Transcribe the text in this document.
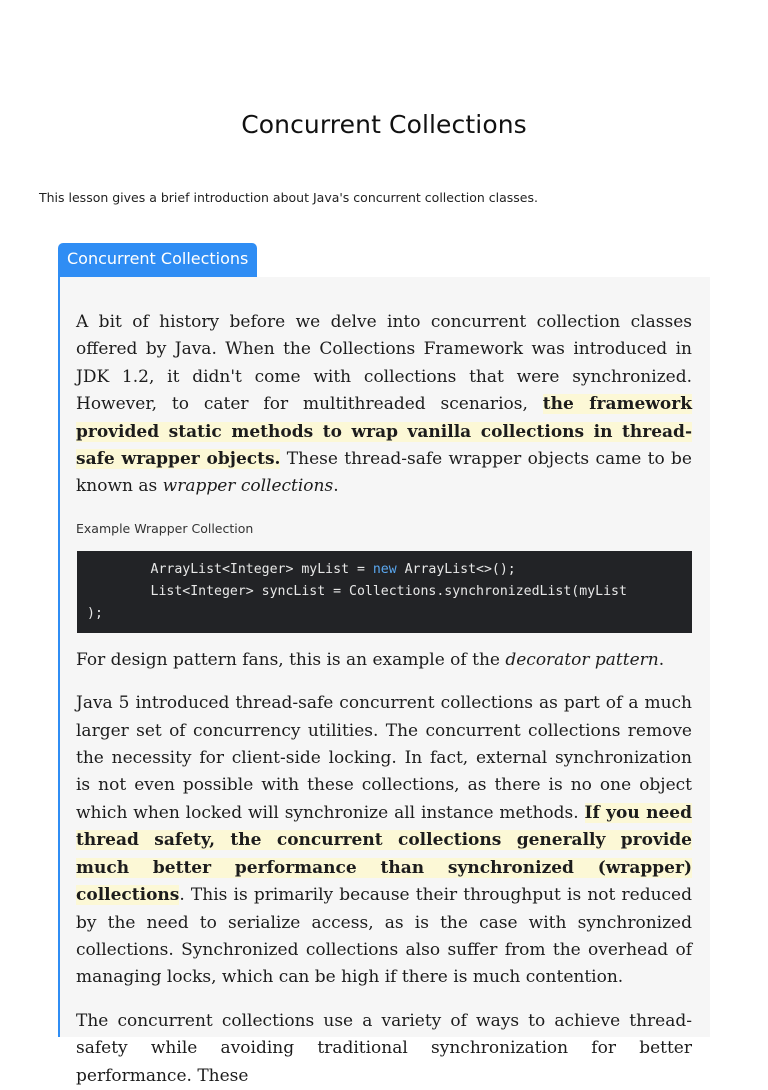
Concurrent Collections

This lesson gives a brief introduction about Java's concurrent collection classes.

Concurrent Collections

A bit of history before we delve into concurrent collection classes offered by Java. When the Collections Framework was introduced in JDK 1.2, it didn't come with collections that were synchronized. However, to cater for multithreaded scenarios, the framework provided static methods to wrap vanilla collections in thread-safe wrapper objects. These thread-safe wrapper objects came to be known as wrapper collections.

Example Wrapper Collection
ArrayList<Integer> myList = new ArrayList<>();
List<Integer> syncList = Collections.synchronizedList(myList
);

For design pattern fans, this is an example of the decorator pattern.

Java 5 introduced thread-safe concurrent collections as part of a much larger set of concurrency utilities. The concurrent collections remove the necessity for client-side locking. In fact, external synchronization is not even possible with these collections, as there is no one object which when locked will synchronize all instance methods. If you need thread safety, the concurrent collections generally provide much better performance than synchronized (wrapper) collections. This is primarily because their throughput is not reduced by the need to serialize access, as is the case with synchronized collections. Synchronized collections also suffer from the overhead of managing locks, which can be high if there is much contention.

The concurrent collections use a variety of ways to achieve thread-safety while avoiding traditional synchronization for better performance. These
